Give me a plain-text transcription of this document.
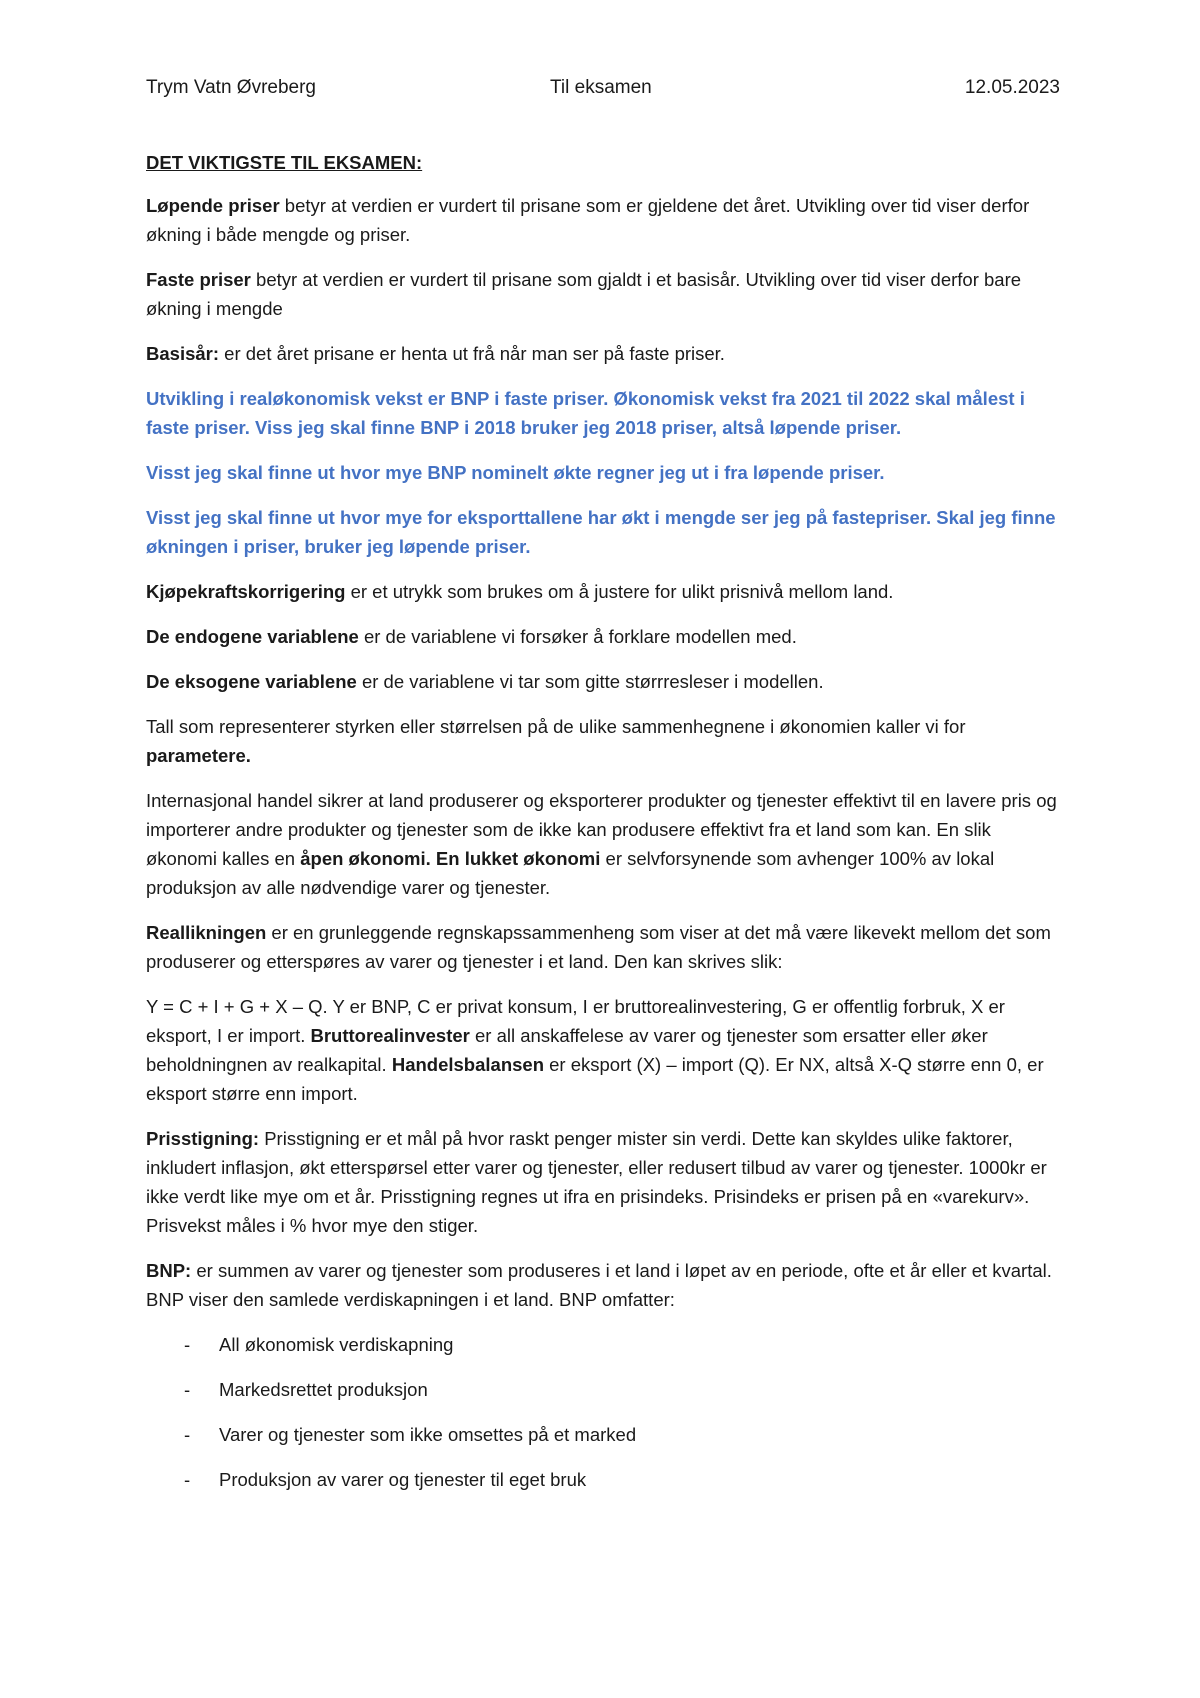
Trym Vatn Øvreberg	Til eksamen	12.05.2023
DET VIKTIGSTE TIL EKSAMEN:

Løpende priser betyr at verdien er vurdert til prisane som er gjeldene det året. Utvikling over tid viser derfor økning i både mengde og priser.

Faste priser betyr at verdien er vurdert til prisane som gjaldt i et basisår. Utvikling over tid viser derfor bare økning i mengde

Basisår: er det året prisane er henta ut frå når man ser på faste priser.

Utvikling i realøkonomisk vekst er BNP i faste priser. Økonomisk vekst fra 2021 til 2022 skal målest i faste priser. Viss jeg skal finne BNP i 2018 bruker jeg 2018 priser, altså løpende priser.

Visst jeg skal finne ut hvor mye BNP nominelt økte regner jeg ut i fra løpende priser.

Visst jeg skal finne ut hvor mye for eksporttallene har økt i mengde ser jeg på fastepriser. Skal jeg finne økningen i priser, bruker jeg løpende priser.

Kjøpekraftskorrigering er et utrykk som brukes om å justere for ulikt prisnivå mellom land.

De endogene variablene er de variablene vi forsøker å forklare modellen med.

De eksogene variablene er de variablene vi tar som gitte størrresleser i modellen.

Tall som representerer styrken eller størrelsen på de ulike sammenhegnene i økonomien kaller vi for parametere.

Internasjonal handel sikrer at land produserer og eksporterer produkter og tjenester effektivt til en lavere pris og importerer andre produkter og tjenester som de ikke kan produsere effektivt fra et land som kan. En slik økonomi kalles en åpen økonomi. En lukket økonomi er selvforsynende som avhenger 100% av lokal produksjon av alle nødvendige varer og tjenester.

Reallikningen er en grunleggende regnskapssammenheng som viser at det må være likevekt mellom det som produserer og etterspøres av varer og tjenester i et land. Den kan skrives slik:

Y = C + I + G + X – Q. Y er BNP, C er privat konsum, I er bruttorealinvestering, G er offentlig forbruk, X er eksport, I er import. Bruttorealinvester er all anskaffelese av varer og tjenester som ersatter eller øker beholdningnen av realkapital. Handelsbalansen er eksport (X) – import (Q). Er NX, altså X-Q større enn 0, er eksport større enn import.

Prisstigning: Prisstigning er et mål på hvor raskt penger mister sin verdi. Dette kan skyldes ulike faktorer, inkludert inflasjon, økt etterspørsel etter varer og tjenester, eller redusert tilbud av varer og tjenester. 1000kr er ikke verdt like mye om et år. Prisstigning regnes ut ifra en prisindeks. Prisindeks er prisen på en «varekurv». Prisvekst måles i % hvor mye den stiger.

BNP: er summen av varer og tjenester som produseres i et land i løpet av en periode, ofte et år eller et kvartal. BNP viser den samlede verdiskapningen i et land. BNP omfatter:

- All økonomisk verdiskapning
- Markedsrettet produksjon
- Varer og tjenester som ikke omsettes på et marked
- Produksjon av varer og tjenester til eget bruk
